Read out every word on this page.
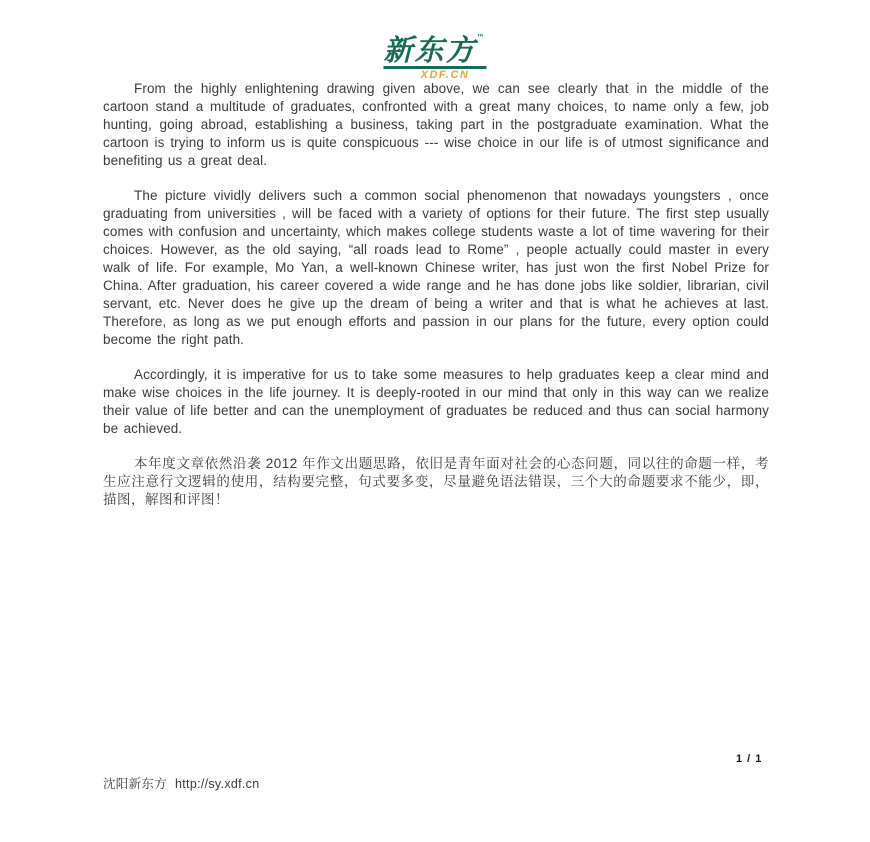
新东方™
XDF.CN

From the highly enlightening drawing given above, we can see clearly that in the middle of the cartoon stand a multitude of graduates, confronted with a great many choices, to name only a few, job hunting, going abroad, establishing a business, taking part in the postgraduate examination. What the cartoon is trying to inform us is quite conspicuous --- wise choice in our life is of utmost significance and benefiting us a great deal.

The picture vividly delivers such a common social phenomenon that nowadays youngsters , once graduating from universities , will be faced with a variety of options for their future. The first step usually comes with confusion and uncertainty, which makes college students waste a lot of time wavering for their choices. However, as the old saying, “all roads lead to Rome” , people actually could master in every walk of life. For example, Mo Yan, a well-known Chinese writer, has just won the first Nobel Prize for China. After graduation, his career covered a wide range and he has done jobs like soldier, librarian, civil servant, etc. Never does he give up the dream of being a writer and that is what he achieves at last. Therefore, as long as we put enough efforts and passion in our plans for the future, every option could become the right path.

Accordingly, it is imperative for us to take some measures to help graduates keep a clear mind and make wise choices in the life journey. It is deeply-rooted in our mind that only in this way can we realize their value of life better and can the unemployment of graduates be reduced and thus can social harmony be achieved.

本年度文章依然沿袭 2012 年作文出题思路，依旧是青年面对社会的心态问题，同以往的命题一样，考生应注意行文逻辑的使用，结构要完整，句式要多变，尽量避免语法错误，三个大的命题要求不能少，即，描图，解图和评图！

1 / 1
沈阳新东方 http://sy.xdf.cn
